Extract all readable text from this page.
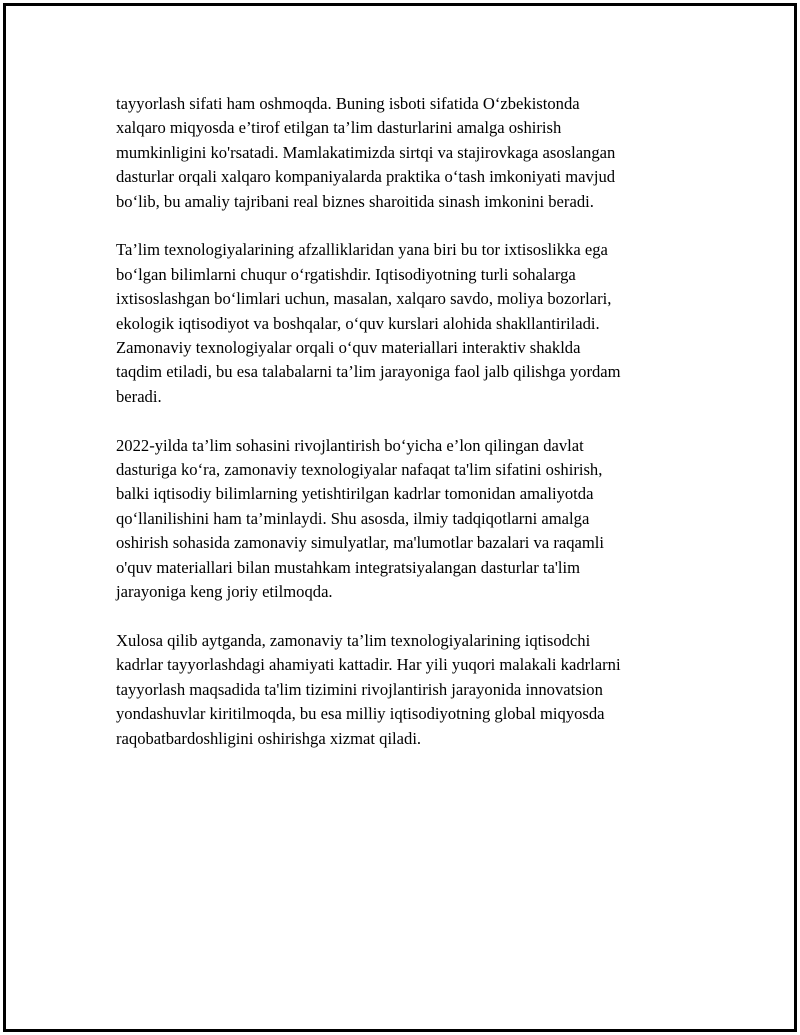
tayyorlash sifati ham oshmoqda. Buning isboti sifatida O‘zbekistonda
xalqaro miqyosda e’tirof etilgan ta’lim dasturlarini amalga oshirish
mumkinligini ko'rsatadi. Mamlakatimizda sirtqi va stajirovkaga asoslangan
dasturlar orqali xalqaro kompaniyalarda praktika o‘tash imkoniyati mavjud
bo‘lib, bu amaliy tajribani real biznes sharoitida sinash imkonini beradi.

Ta’lim texnologiyalarining afzalliklaridan yana biri bu tor ixtisoslikka ega
bo‘lgan bilimlarni chuqur o‘rgatishdir. Iqtisodiyotning turli sohalarga
ixtisoslashgan bo‘limlari uchun, masalan, xalqaro savdo, moliya bozorlari,
ekologik iqtisodiyot va boshqalar, o‘quv kurslari alohida shakllantiriladi.
Zamonaviy texnologiyalar orqali o‘quv materiallari interaktiv shaklda
taqdim etiladi, bu esa talabalarni ta’lim jarayoniga faol jalb qilishga yordam
beradi.

2022-yilda ta’lim sohasini rivojlantirish bo‘yicha e’lon qilingan davlat
dasturiga ko‘ra, zamonaviy texnologiyalar nafaqat ta'lim sifatini oshirish,
balki iqtisodiy bilimlarning yetishtirilgan kadrlar tomonidan amaliyotda
qo‘llanilishini ham ta’minlaydi. Shu asosda, ilmiy tadqiqotlarni amalga
oshirish sohasida zamonaviy simulyatlar, ma'lumotlar bazalari va raqamli
o'quv materiallari bilan mustahkam integratsiyalangan dasturlar ta'lim
jarayoniga keng joriy etilmoqda.

Xulosa qilib aytganda, zamonaviy ta’lim texnologiyalarining iqtisodchi
kadrlar tayyorlashdagi ahamiyati kattadir. Har yili yuqori malakali kadrlarni
tayyorlash maqsadida ta'lim tizimini rivojlantirish jarayonida innovatsion
yondashuvlar kiritilmoqda, bu esa milliy iqtisodiyotning global miqyosda
raqobatbardoshligini oshirishga xizmat qiladi.
